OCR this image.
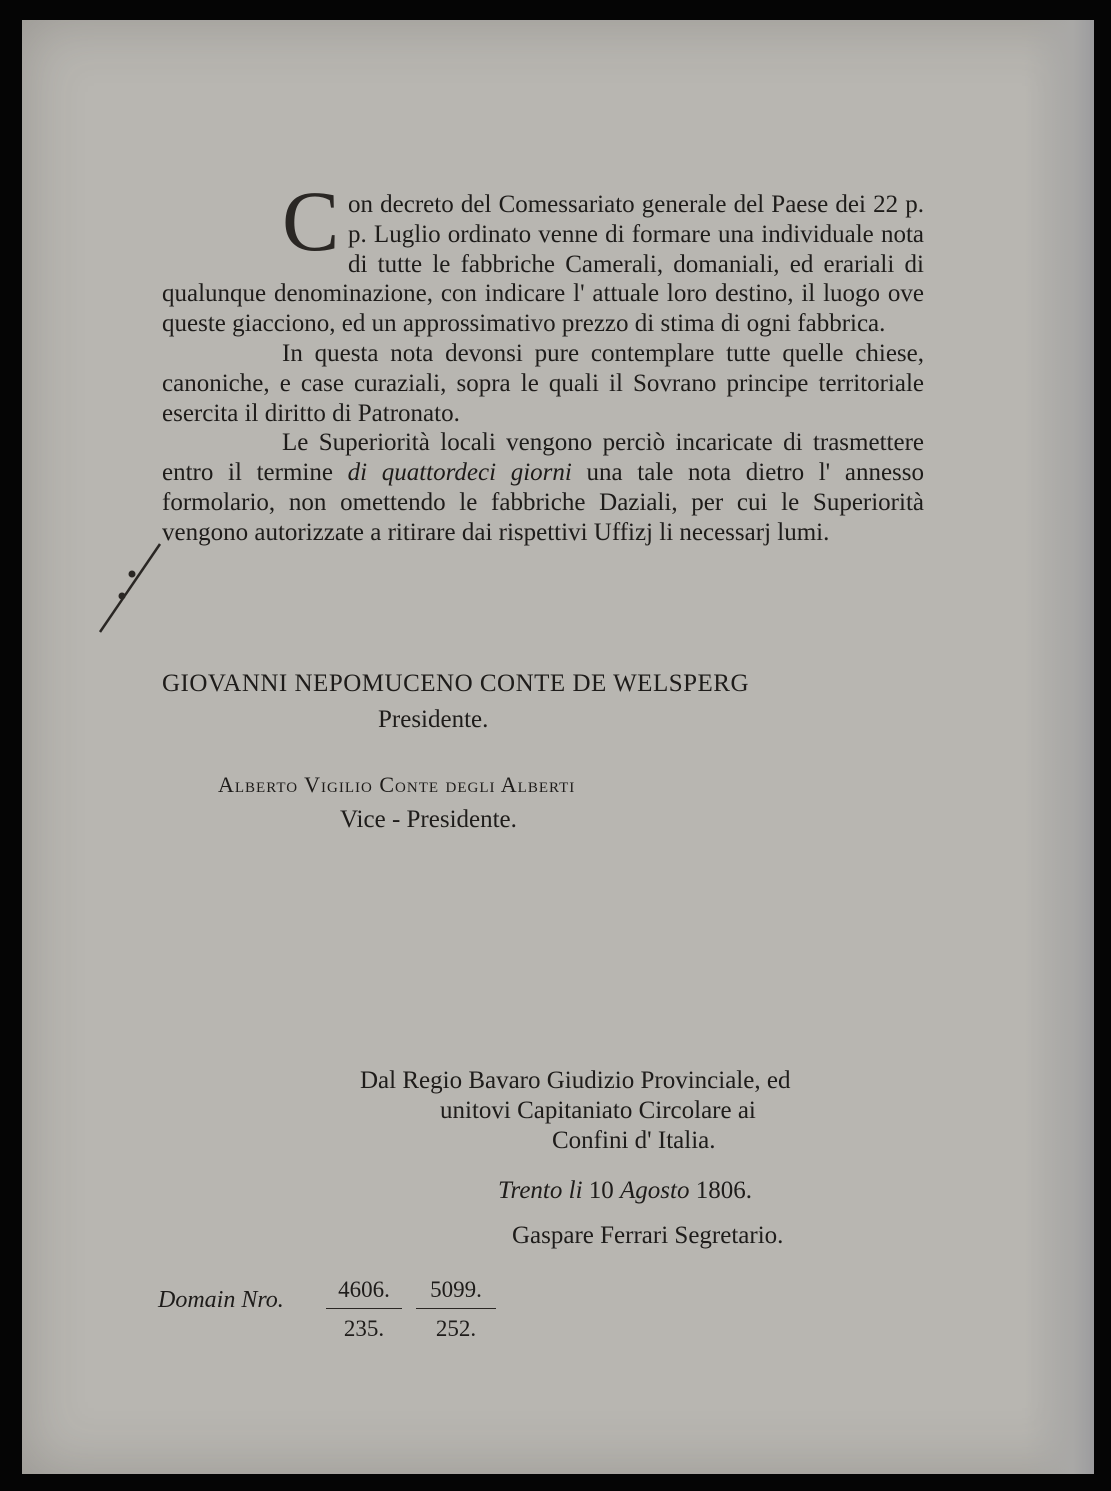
Con decreto del Comessariato generale del Paese dei 22 p. p. Luglio ordinato venne di formare una individuale nota di tutte le fabbriche Camerali, domaniali, ed erariali di qualunque denominazione, con indicare l' attuale loro destino, il luogo ove queste giacciono, ed un approssimativo prezzo di stima di ogni fabbrica.

In questa nota devonsi pure contemplare tutte quelle chiese, canoniche, e case curaziali, sopra le quali il Sovrano principe territoriale esercita il diritto di Patronato.

Le Superiorità locali vengono perciò incaricate di trasmettere entro il termine di quattordeci giorni una tale nota dietro l' annesso formolario, non omettendo le fabbriche Daziali, per cui le Superiorità vengono autorizzate a ritirare dai rispettivi Uffizj li necessarj lumi.

GIOVANNI NEPOMUCENO CONTE DE WELSPERG
Presidente.
Alberto Vigilio Conte degli Alberti
Vice - Presidente.
Dal Regio Bavaro Giudizio Provinciale, ed
unitovi Capitaniato Circolare ai
Confini d' Italia.
Trento li 10 Agosto 1806.
Gaspare Ferrari Segretario.
Domain Nro. $\frac{4606.}{235.} \frac{5099.}{252.}$
